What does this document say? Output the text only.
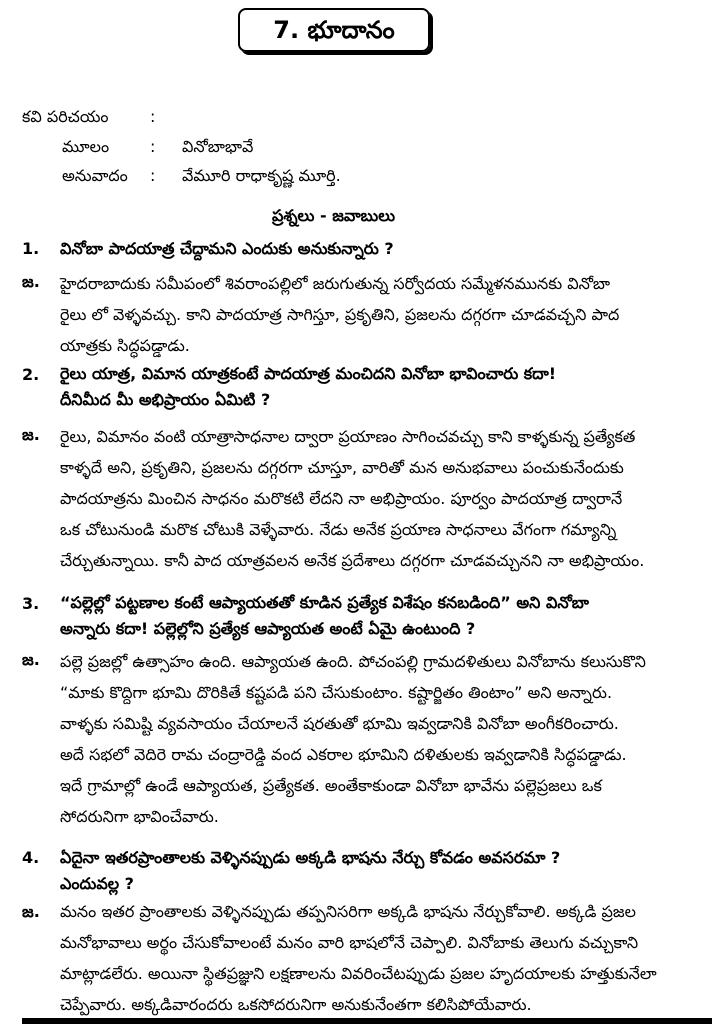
7. భూదానం
కవి పరిచయం	:
మూలం	: వినోబాభావే
అనువాదం : వేమూరి రాధాకృష్ణ మూర్తి.
ప్రశ్నలు - జవాబులు
1. వినోబా పాదయాత్ర చేద్దామని ఎందుకు అనుకున్నారు ?
జ. హైదరాబాదుకు సమీపంలో శివరాంపల్లిలో జరుగుతున్న సర్వోదయ సమ్మేళనమునకు వినోబా
రైలు లో వెళ్ళవచ్చు. కాని పాదయాత్ర సాగిస్తూ, ప్రకృతిని, ప్రజలను దగ్గరగా చూడవచ్చని పాద
యాత్రకు సిద్ధపడ్డాడు.
2. రైలు యాత్ర, విమాన యాత్రకంటే పాదయాత్ర మంచిదని వినోబా భావించారు కదా!
దీనిమీద మీ అభిప్రాయం ఏమిటి ?
జ. రైలు, విమానం వంటి యాత్రాసాధనాల ద్వారా ప్రయాణం సాగించవచ్చు కాని కాళ్ళకున్న ప్రత్యేకత
కాళ్ళదే అని, ప్రకృతిని, ప్రజలను దగ్గరగా చూస్తూ, వారితో మన అనుభవాలు పంచుకునేందుకు
పాదయాత్రను మించిన సాధనం మరొకటి లేదని నా అభిప్రాయం. పూర్వం పాదయాత్ర ద్వారానే
ఒక చోటునుండి మరొక చోటుకి వెళ్ళేవారు. నేడు అనేక ప్రయాణ సాధనాలు వేగంగా గమ్యాన్ని
చేర్చుతున్నాయి. కానీ పాద యాత్రవలన అనేక ప్రదేశాలు దగ్గరగా చూడవచ్చునని నా అభిప్రాయం.
3. “పల్లెల్లో పట్టణాల కంటే ఆప్యాయతతో కూడిన ప్రత్యేక విశేషం కనబడింది” అని వినోబా
అన్నారు కదా! పల్లెల్లోని ప్రత్యేక ఆప్యాయత అంటే ఏమై ఉంటుంది ?
జ. పల్లె ప్రజల్లో ఉత్సాహం ఉంది. ఆప్యాయత ఉంది. పోచంపల్లి గ్రామదళితులు వినోబాను కలుసుకొని
“మాకు కొద్దిగా భూమి దొరికితే కష్టపడి పని చేసుకుంటాం. కష్టార్జితం తింటాం” అని అన్నారు.
వాళ్ళకు సమిష్టి వ్యవసాయం చేయాలనే షరతుతో భూమి ఇవ్వడానికి వినోబా అంగీకరించారు.
అదే సభలో వెదిరె రామ చంద్రారెడ్డి వంద ఎకరాల భూమిని దళితులకు ఇవ్వడానికి సిద్ధపడ్డాడు.
ఇదే గ్రామాల్లో ఉండే ఆప్యాయత, ప్రత్యేకత. అంతేకాకుండా వినోబా భావేను పల్లెప్రజలు ఒక
సోదరునిగా భావించేవారు.
4. ఏదైనా ఇతరప్రాంతాలకు వెళ్ళినప్పుడు అక్కడి భాషను నేర్చు కోవడం అవసరమా ?
ఎందువల్ల ?
జ. మనం ఇతర ప్రాంతాలకు వెళ్ళినప్పుడు తప్పనిసరిగా అక్కడి భాషను నేర్చుకోవాలి. అక్కడి ప్రజల
మనోభావాలు అర్థం చేసుకోవాలంటే మనం వారి భాషలోనే చెప్పాలి. వినోబాకు తెలుగు వచ్చుకాని
మాట్లాడలేరు. అయినా స్థితప్రజ్ఞుని లక్షణాలను వివరించేటప్పుడు ప్రజల హృదయాలకు హత్తుకునేలా
చెప్పేవారు. అక్కడివారందరు ఒకసోదరునిగా అనుకునేంతగా కలిసిపోయేవారు.
